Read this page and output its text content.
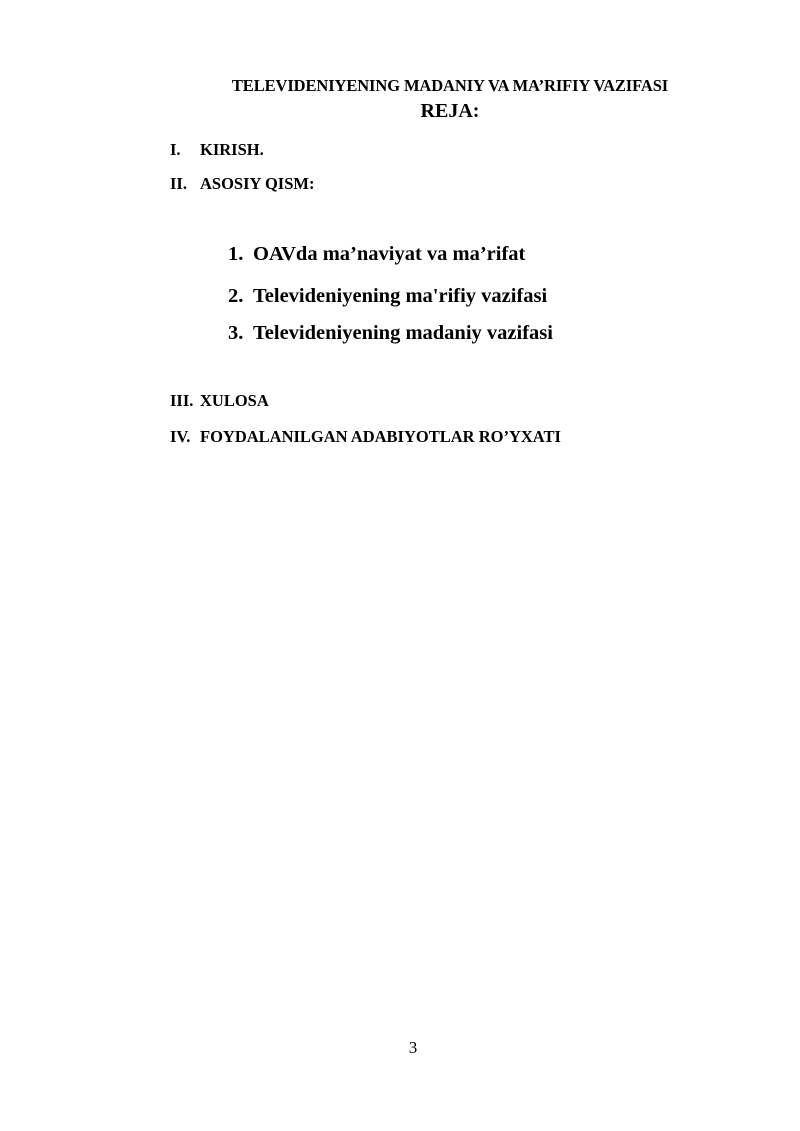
TELEVIDENIYENING MADANIY VA MA’RIFIY VAZIFASI
REJA:
I. KIRISH.
II. ASOSIY QISM:
1. OAVda ma’naviyat va ma’rifat
2. Televideniyening ma'rifiy vazifasi
3. Televideniyening madaniy vazifasi
III. XULOSA
IV. FOYDALANILGAN ADABIYOTLAR RO’YXATI
3
